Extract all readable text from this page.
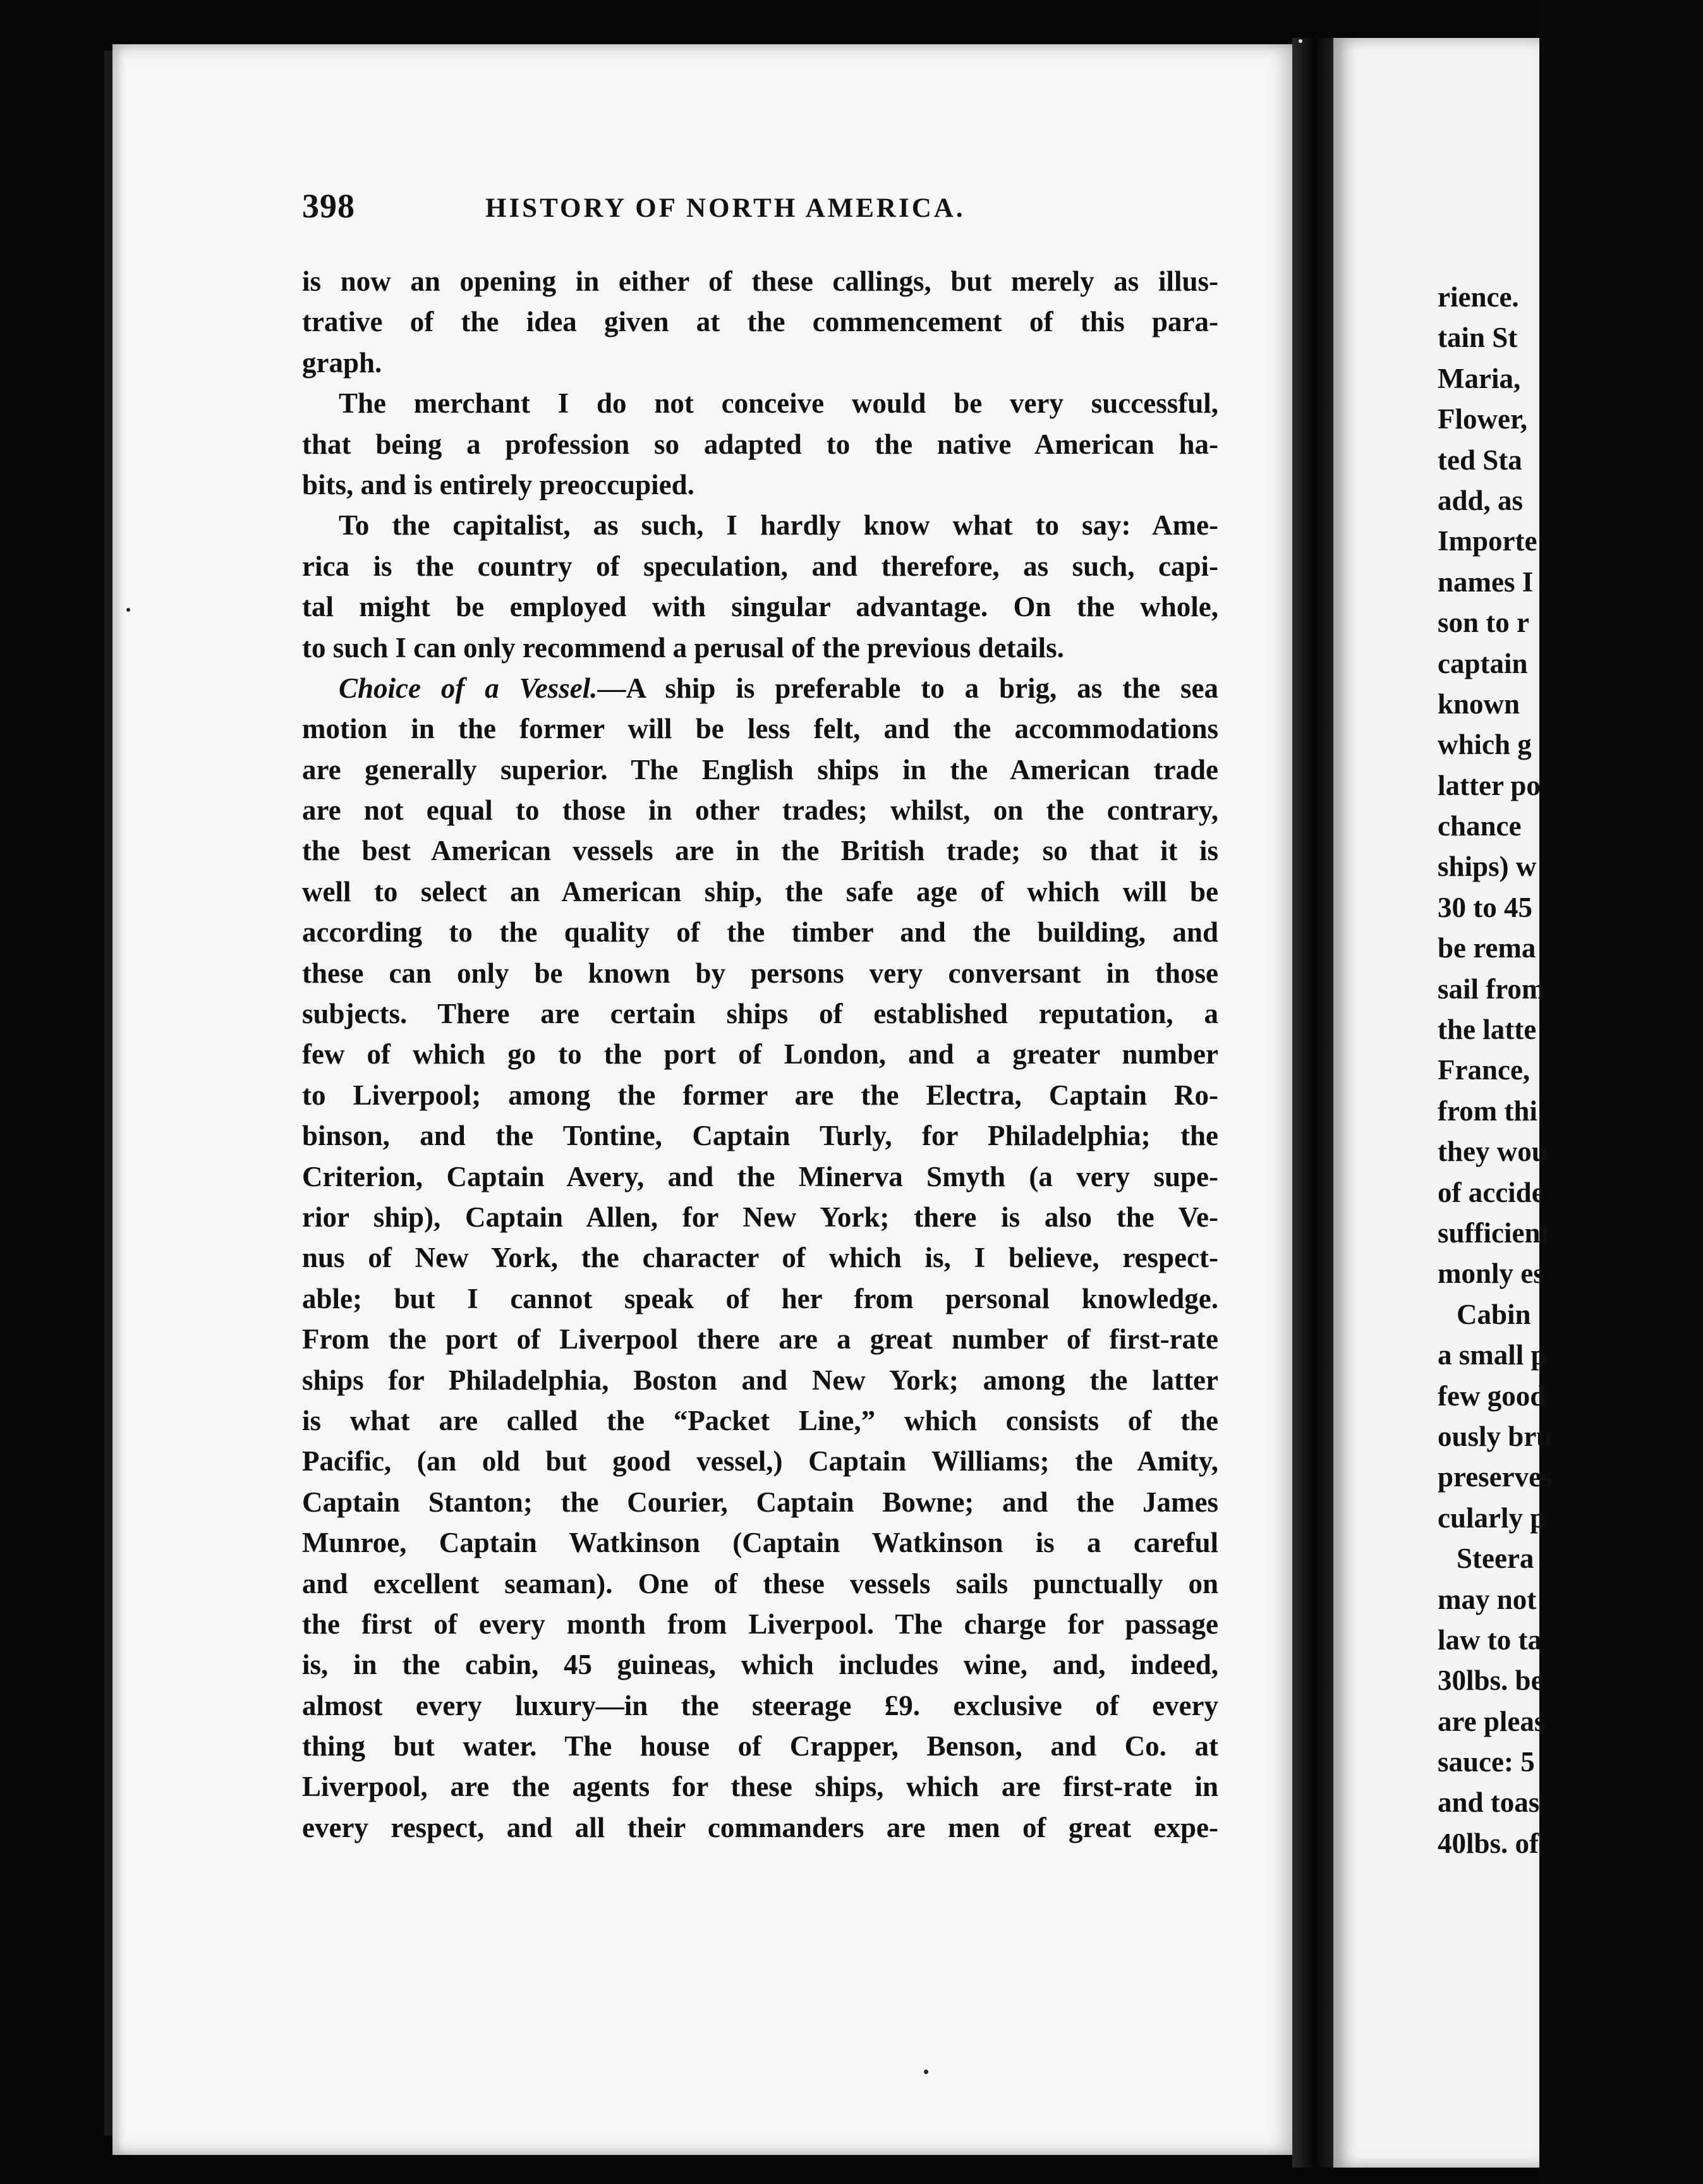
398	HISTORY OF NORTH AMERICA.
is now an opening in either of these callings, but merely as illus-
trative of the idea given at the commencement of this para-
graph.
The merchant I do not conceive would be very successful,
that being a profession so adapted to the native American ha-
bits, and is entirely preoccupied.
To the capitalist, as such, I hardly know what to say: Ame-
rica is the country of speculation, and therefore, as such, capi-
tal might be employed with singular advantage. On the whole,
to such I can only recommend a perusal of the previous details.
Choice of a Vessel.—A ship is preferable to a brig, as the sea
motion in the former will be less felt, and the accommodations
are generally superior. The English ships in the American trade
are not equal to those in other trades; whilst, on the contrary,
the best American vessels are in the British trade; so that it is
well to select an American ship, the safe age of which will be
according to the quality of the timber and the building, and
these can only be known by persons very conversant in those
subjects. There are certain ships of established reputation, a
few of which go to the port of London, and a greater number
to Liverpool; among the former are the Electra, Captain Ro-
binson, and the Tontine, Captain Turly, for Philadelphia; the
Criterion, Captain Avery, and the Minerva Smyth (a very supe-
rior ship), Captain Allen, for New York; there is also the Ve-
nus of New York, the character of which is, I believe, respect-
able; but I cannot speak of her from personal knowledge.
From the port of Liverpool there are a great number of first-rate
ships for Philadelphia, Boston and New York; among the latter
is what are called the “Packet Line,” which consists of the
Pacific, (an old but good vessel,) Captain Williams; the Amity,
Captain Stanton; the Courier, Captain Bowne; and the James
Munroe, Captain Watkinson (Captain Watkinson is a careful
and excellent seaman). One of these vessels sails punctually on
the first of every month from Liverpool. The charge for passage
is, in the cabin, 45 guineas, which includes wine, and, indeed,
almost every luxury—in the steerage £9. exclusive of every
thing but water. The house of Crapper, Benson, and Co. at
Liverpool, are the agents for these ships, which are first-rate in
every respect, and all their commanders are men of great expe-
rience.
tain St
Maria,
Flower,
ted Sta
add, as
Importe
names I
son to r
captain
known
which g
latter po
chance
ships) w
30 to 45
be rema
sail from
the latte
France,
from thi
they wou
of accide
sufficient
monly es
Cabin
a small p
few good
ously bru
preserves
cularly p
Steera
may not
law to ta
30lbs. be
are pleas
sauce: 5
and toas
40lbs. of
